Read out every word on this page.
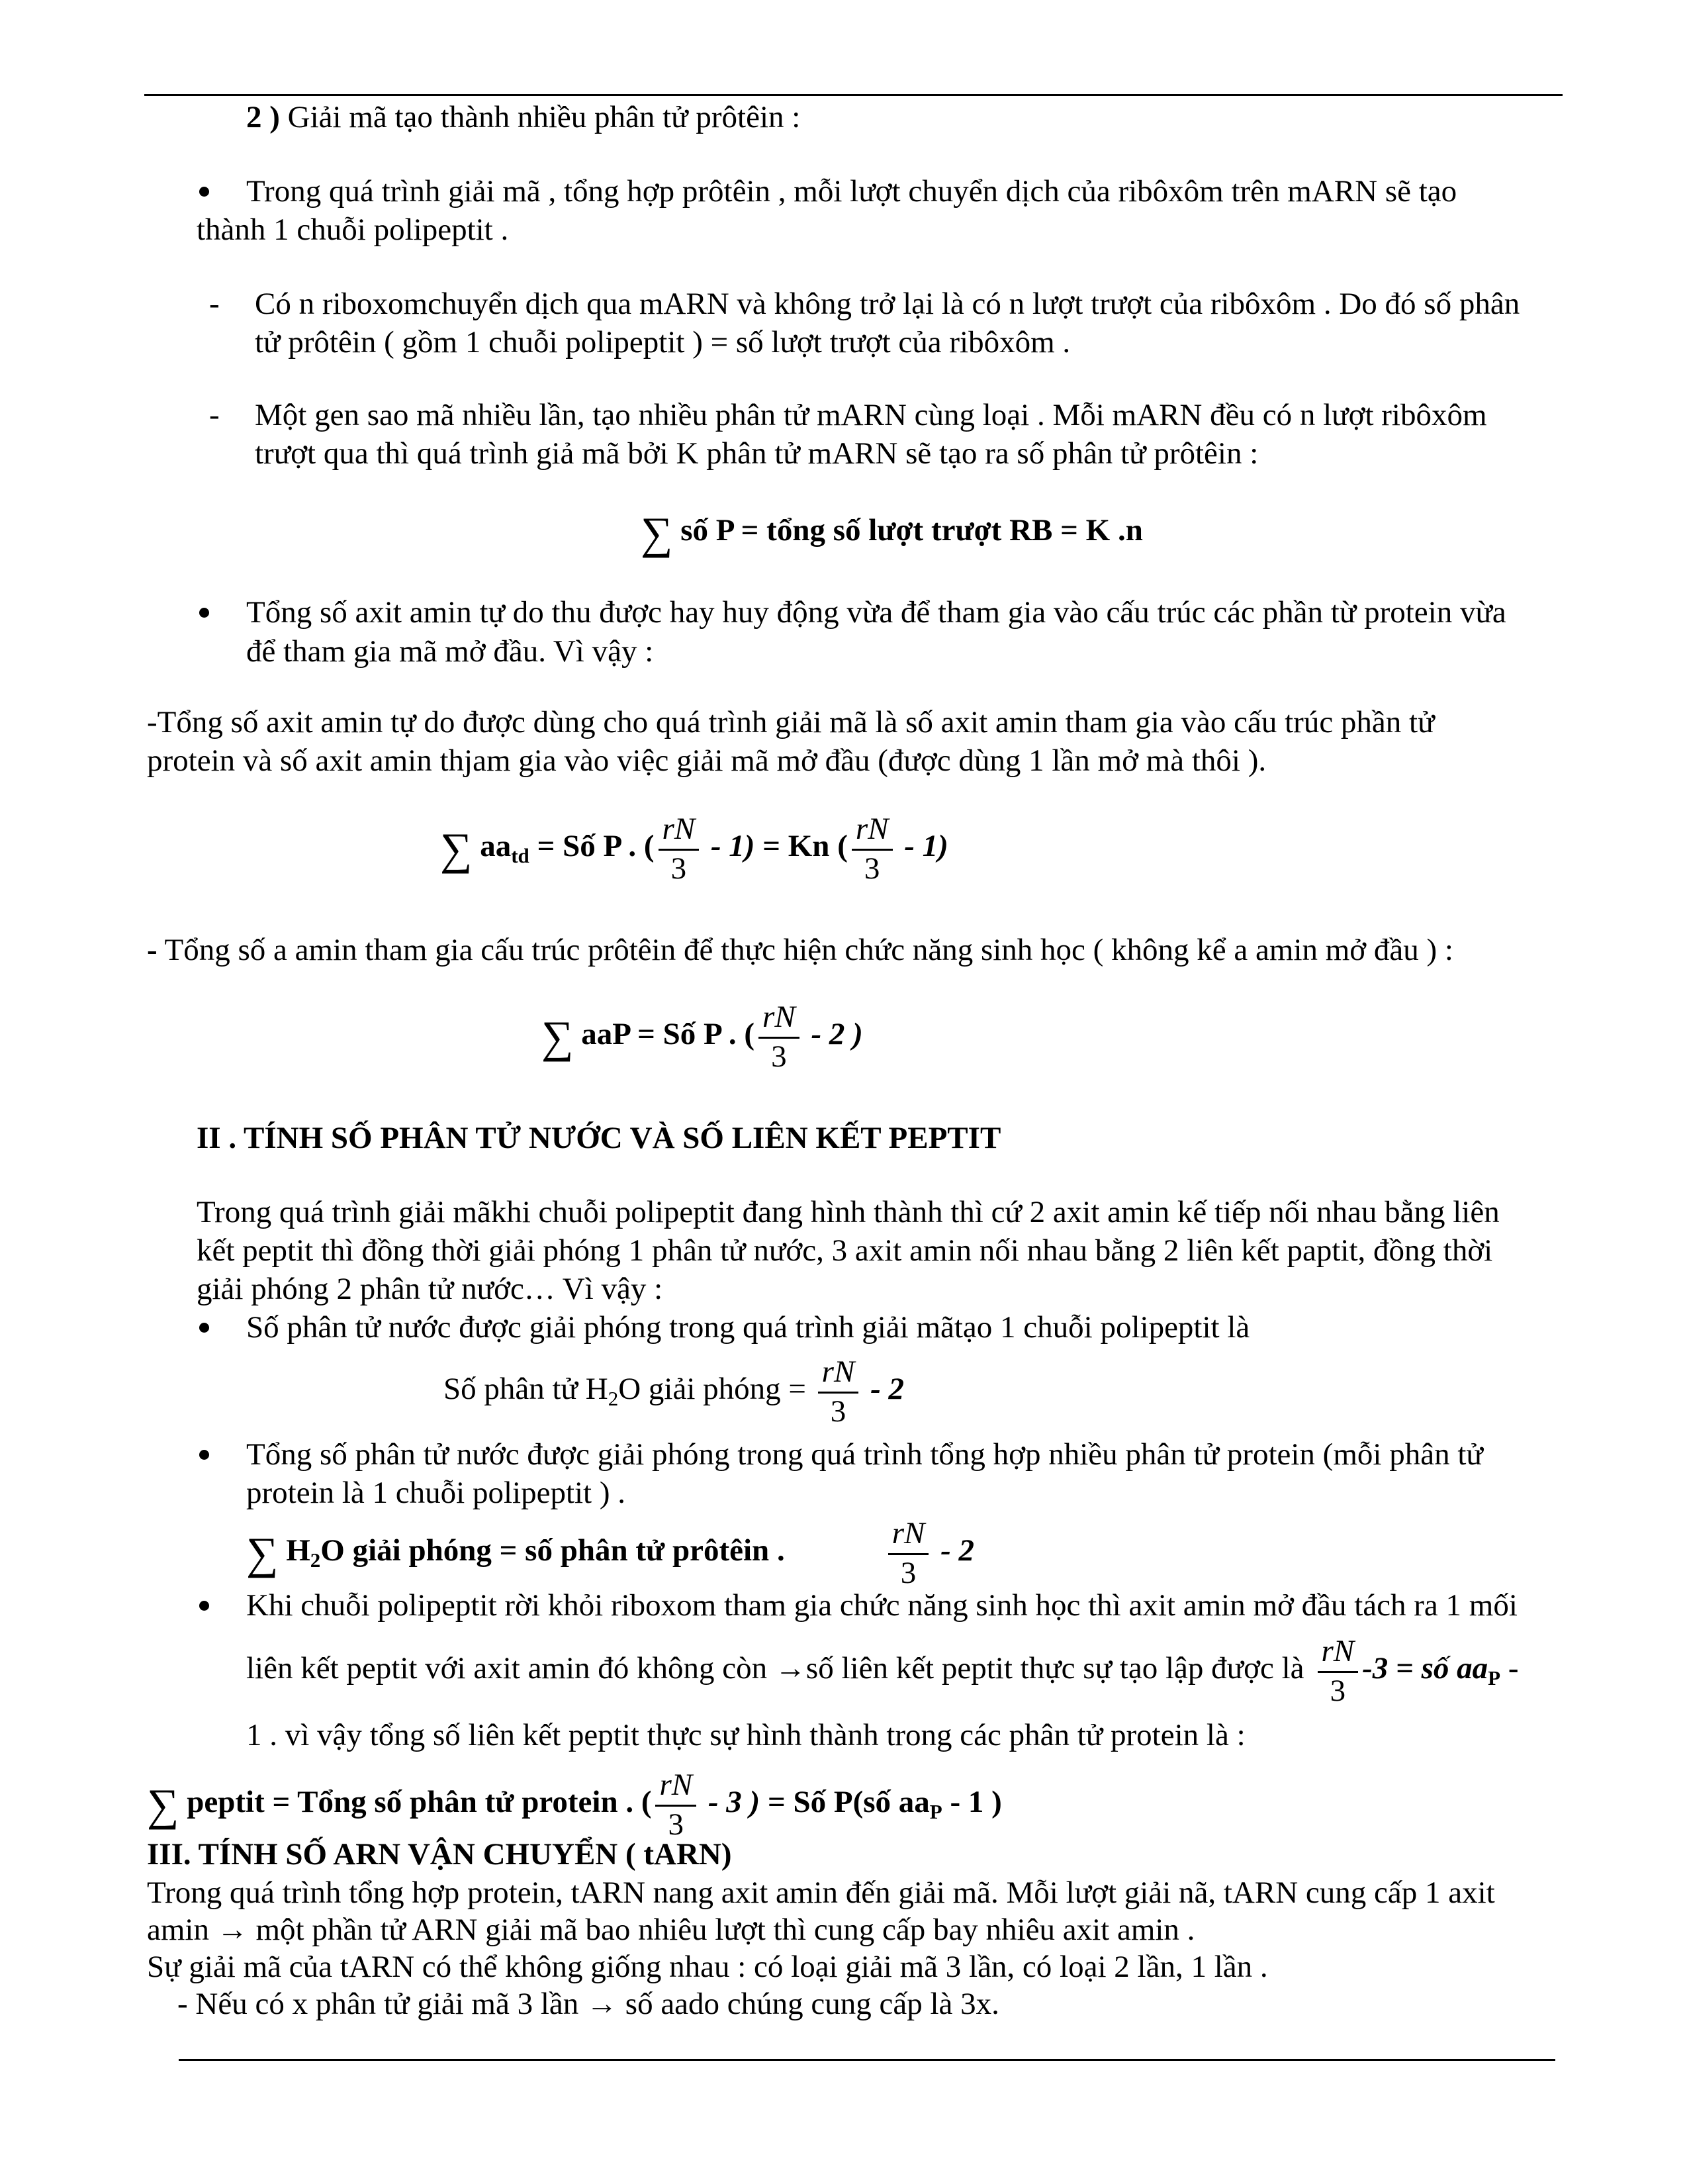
2 ) Giải mã tạo thành nhiều phân tử prôtêin :
Trong quá trình giải mã , tổng hợp prôtêin , mỗi lượt chuyển dịch của ribôxôm trên mARN sẽ tạo
thành 1 chuỗi polipeptit .
- Có n riboxomchuyển dịch qua mARN và không trở lại là có n lượt trượt của ribôxôm . Do đó số phân
tử prôtêin ( gồm 1 chuỗi polipeptit ) = số lượt trượt của ribôxôm .
- Một gen sao mã nhiều lần, tạo nhiều phân tử mARN cùng loại . Mỗi mARN đều có n lượt ribôxôm
trượt qua thì quá trình giả mã bởi K phân tử mARN sẽ tạo ra số phân tử prôtêin :
∑ số P = tổng số lượt trượt RB = K .n
Tổng số axit amin tự do thu được hay huy động vừa để tham gia vào cấu trúc các phần từ protein vừa
để tham gia mã mở đầu. Vì vậy :
-Tổng số axit amin tự do được dùng cho quá trình giải mã là số axit amin tham gia vào cấu trúc phần tử
protein và số axit amin thjam gia vào việc giải mã mở đầu (được dùng 1 lần mở mà thôi ).
∑ $aa_{td}$ = Số P . ( $\frac{rN}{3} - 1) = Kn$ ( $\frac{rN}{3} - 1$)
- Tổng số a amin tham gia cấu trúc prôtêin để thực hiện chức năng sinh học ( không kể a amin mở đầu ) :
∑ aaP = Số P . ( $\frac{rN}{3} - 2$ )
II . TÍNH SỐ PHÂN TỬ NƯỚC VÀ SỐ LIÊN KẾT PEPTIT
Trong quá trình giải mãkhi chuỗi polipeptit đang hình thành thì cứ 2 axit amin kế tiếp nối nhau bằng liên
kết peptit thì đồng thời giải phóng 1 phân tử nước, 3 axit amin nối nhau bằng 2 liên kết paptit, đồng thời
giải phóng 2 phân tử nước… Vì vậy :
Số phân tử nước được giải phóng trong quá trình giải mãtạo 1 chuỗi polipeptit là
Số phân tử $H_2O$ giải phóng = $\frac{rN}{3} - 2$
Tổng số phân tử nước được giải phóng trong quá trình tổng hợp nhiều phân tử protein (mỗi phân tử
protein là 1 chuỗi polipeptit ) .
∑ $H_2O$ giải phóng = số phân tử prôtêin .	$\frac{rN}{3} - 2$
Khi chuỗi polipeptit rời khỏi riboxom tham gia chức năng sinh học thì axit amin mở đầu tách ra 1 mối
liên kết peptit với axit amin đó không còn →số liên kết peptit thực sự tạo lập được là $\frac{rN}{3} -3$ = số $aa_P$ -
1 . vì vậy tổng số liên kết peptit thực sự hình thành trong các phân tử protein là :
∑ peptit = Tổng số phân tử protein . ( $\frac{rN}{3} - 3$ ) = Số P(số $aa_P - 1$ )
III. TÍNH SỐ ARN VẬN CHUYỂN ( tARN)
Trong quá trình tổng hợp protein, tARN nang axit amin đến giải mã. Mỗi lượt giải nã, tARN cung cấp 1 axit
amin → một phần tử ARN giải mã bao nhiêu lượt thì cung cấp bay nhiêu axit amin .
Sự giải mã của tARN có thể không giống nhau : có loại giải mã 3 lần, có loại 2 lần, 1 lần .
- Nếu có x phân tử giải mã 3 lần → số aado chúng cung cấp là 3x.
